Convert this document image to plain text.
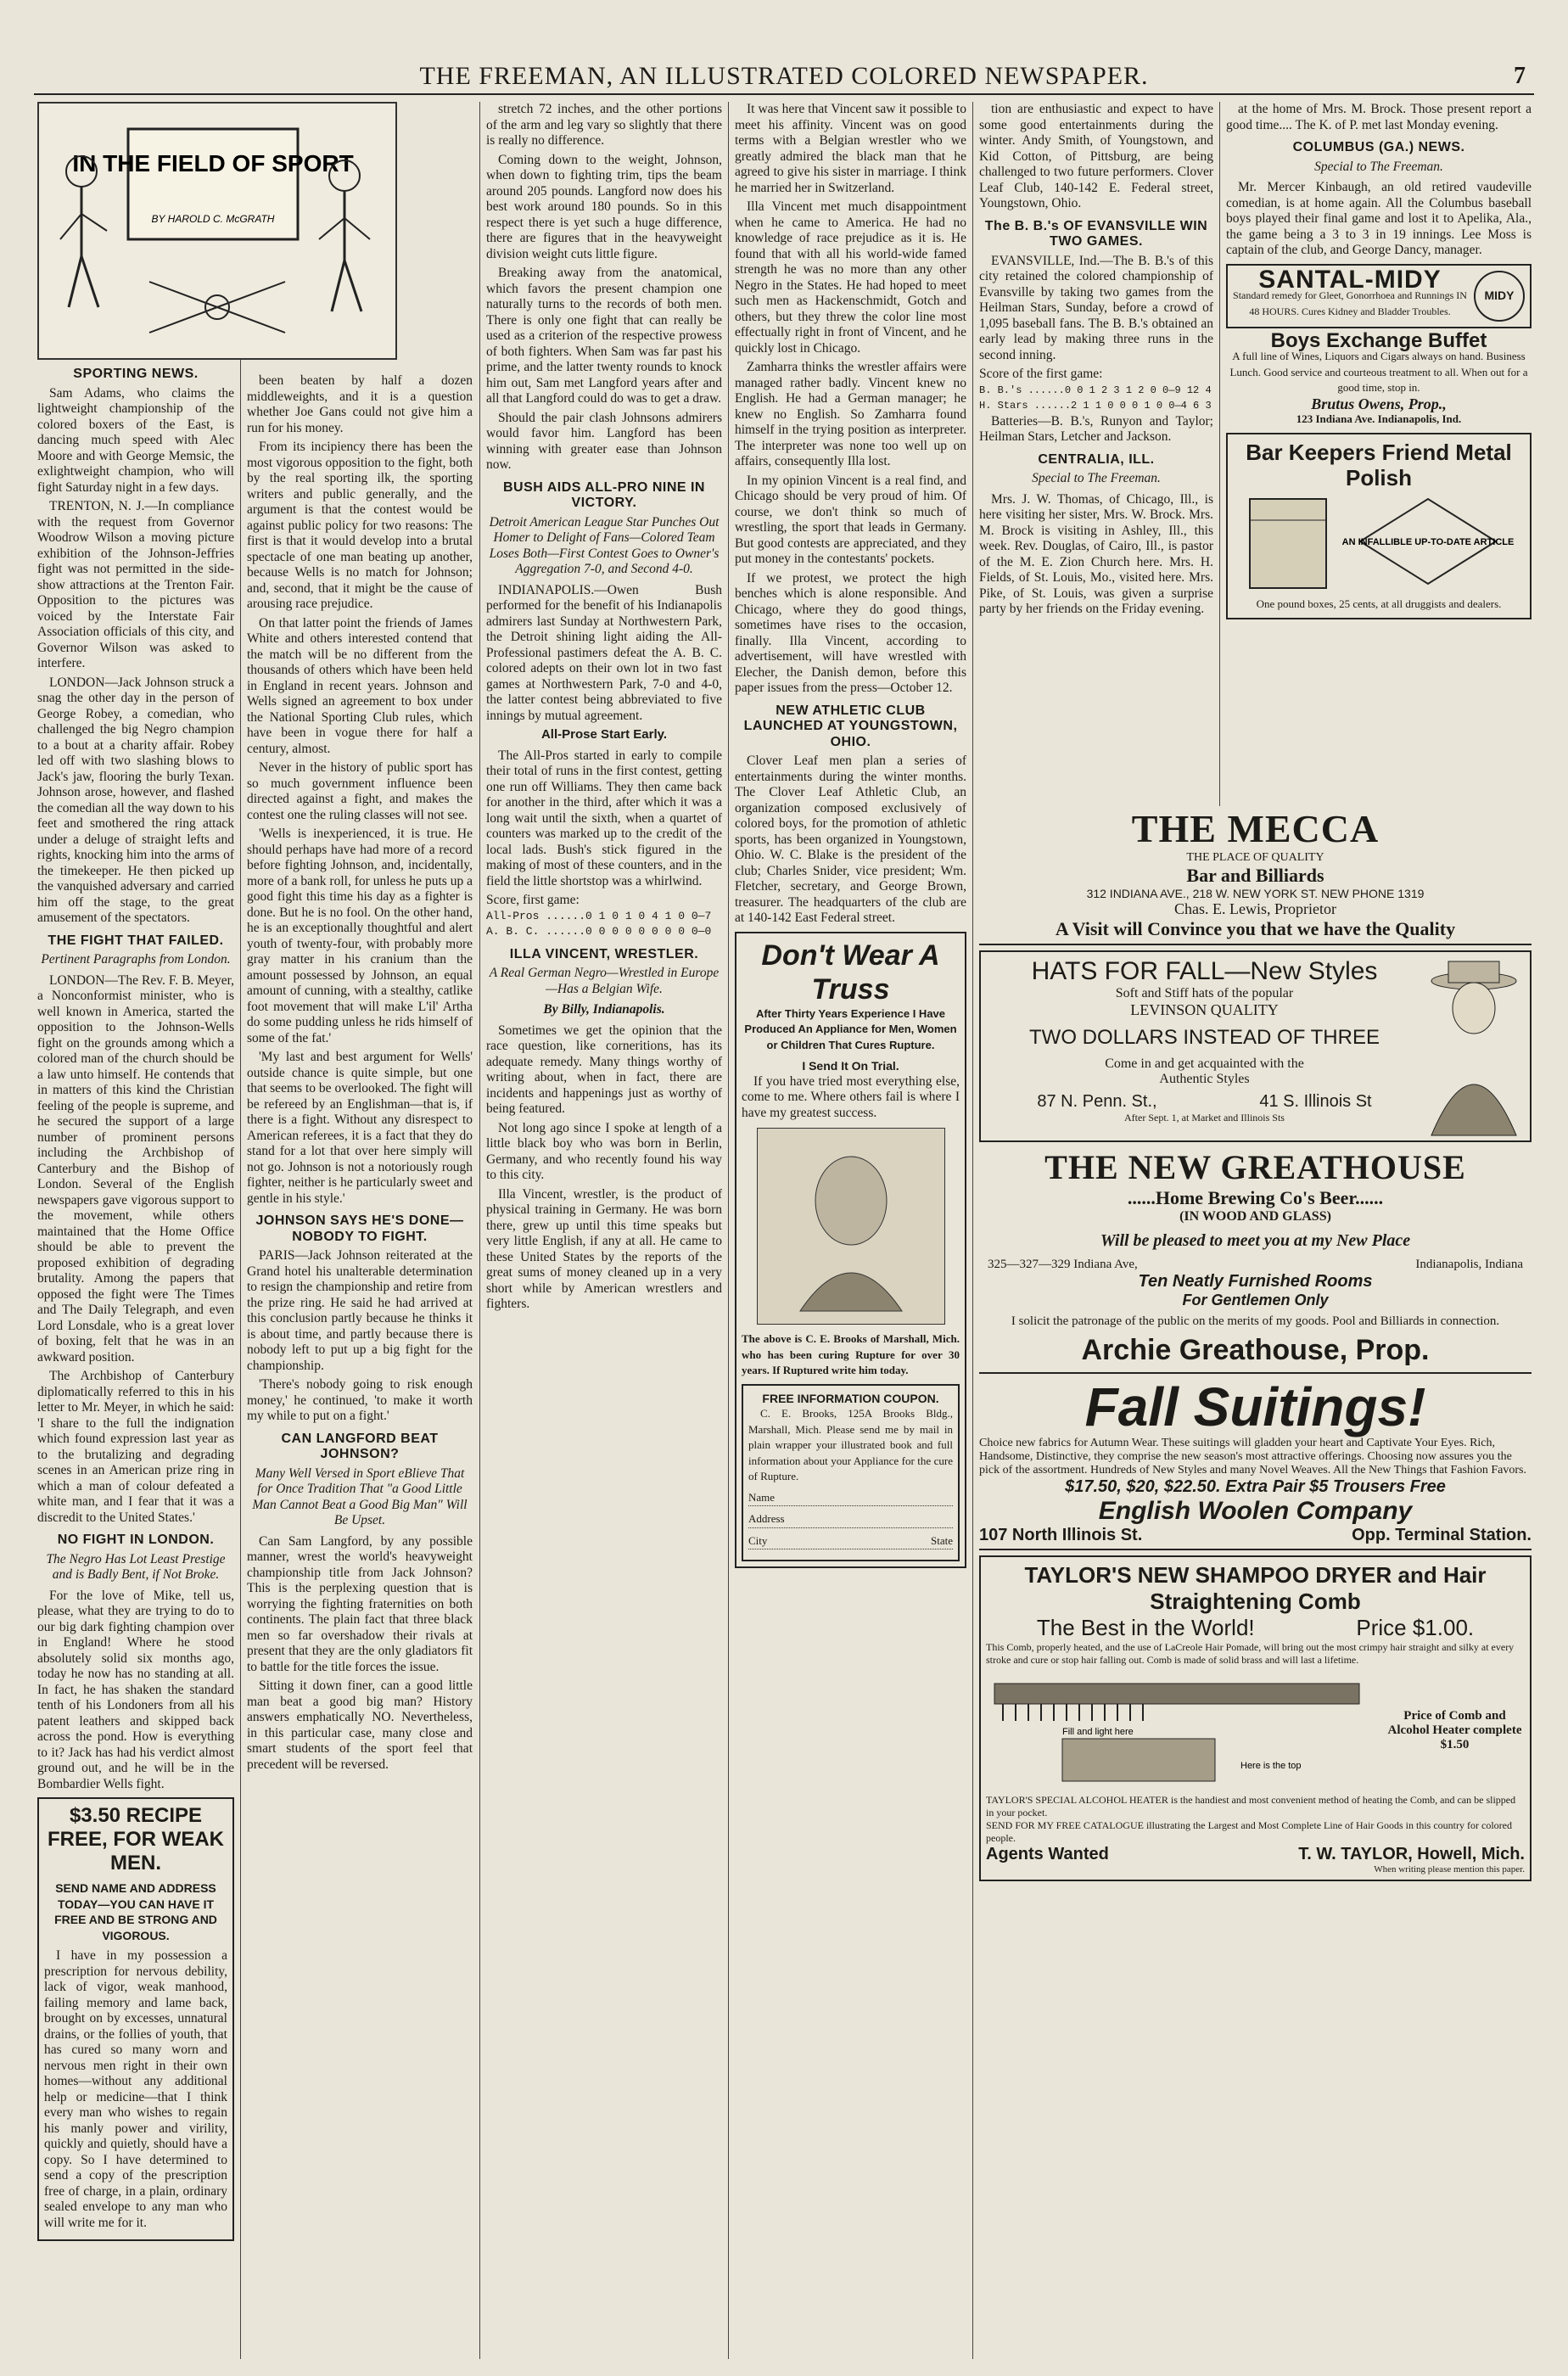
THE FREEMAN, AN ILLUSTRATED COLORED NEWSPAPER.	7
IN THE FIELD OF SPORT
BY HAROLD C. McGRATH
SPORTING NEWS.

Sam Adams, who claims the lightweight championship of the colored boxers of the East, is dancing much speed with Alec Moore and with George Memsic, the exlightweight champion, who will fight Saturday night in a few days.

TRENTON, N. J.—In compliance with the request from Governor Woodrow Wilson a moving picture exhibition of the Johnson-Jeffries fight was not permitted in the side-show attractions at the Trenton Fair. Opposition to the pictures was voiced by the Interstate Fair Association officials of this city, and Governor Wilson was asked to interfere.

LONDON—Jack Johnson struck a snag the other day in the person of George Robey, a comedian, who challenged the big Negro champion to a bout at a charity affair. Robey led off with two slashing blows to Jack's jaw, flooring the burly Texan. Johnson arose, however, and flashed the comedian all the way down to his feet and smothered the ring attack under a deluge of straight lefts and rights, knocking him into the arms of the timekeeper. He then picked up the vanquished adversary and carried him off the stage, to the great amusement of the spectators.

THE FIGHT THAT FAILED.
Pertinent Paragraphs from London.

LONDON—The Rev. F. B. Meyer, a Nonconformist minister, who is well known in America, started the opposition to the Johnson-Wells fight on the grounds among which a colored man of the church should be a law unto himself. He contends that in matters of this kind the Christian feeling of the people is supreme, and he secured the support of a large number of prominent persons including the Archbishop of Canterbury and the Bishop of London. Several of the English newspapers gave vigorous support to the movement, while others maintained that the Home Office should be able to prevent the proposed exhibition of degrading brutality. Among the papers that opposed the fight were The Times and The Daily Telegraph, and even Lord Lonsdale, who is a great lover of boxing, felt that he was in an awkward position.

The Archbishop of Canterbury diplomatically referred to this in his letter to Mr. Meyer, in which he said: 'I share to the full the indignation which found expression last year as to the brutalizing and degrading scenes in an American prize ring in which a man of colour defeated a white man, and I fear that it was a discredit to the United States.'

NO FIGHT IN LONDON.
The Negro Has Lot Least Prestige and is Badly Bent, if Not Broke.

For the love of Mike, tell us, please, what they are trying to do to our big dark fighting champion over in England! Where he stood absolutely solid six months ago, today he now has no standing at all. In fact, he has shaken the standard tenth of his Londoners from all his patent leathers and skipped back across the pond. How is everything to it? Jack has had his verdict almost ground out, and he will be in the Bombardier Wells fight.

$3.50 RECIPE FREE, FOR WEAK MEN.
SEND NAME AND ADDRESS TODAY—YOU CAN HAVE IT FREE AND BE STRONG AND VIGOROUS.

I have in my possession a prescription for nervous debility, lack of vigor, weak manhood, failing memory and lame back, brought on by excesses, unnatural drains, or the follies of youth, that has cured so many worn and nervous men right in their own homes—without any additional help or medicine—that I think every man who wishes to regain his manly power and virility, quickly and quietly, should have a copy. So I have determined to send a copy of the prescription free of charge, in a plain, ordinary sealed envelope to any man who will write me for it.

been beaten by half a dozen middleweights, and it is a question whether Joe Gans could not give him a run for his money.

From its incipiency there has been the most vigorous opposition to the fight, both by the real sporting ilk, the sporting writers and public generally, and the argument is that the contest would be against public policy for two reasons: The first is that it would develop into a brutal spectacle of one man beating up another, because Wells is no match for Johnson; and, second, that it might be the cause of arousing race prejudice.

On that latter point the friends of James White and others interested contend that the match will be no different from the thousands of others which have been held in England in recent years. Johnson and Wells signed an agreement to box under the National Sporting Club rules, which have been in vogue there for half a century, almost.

Never in the history of public sport has so much government influence been directed against a fight, and makes the contest one the ruling classes will not see.

'Wells is inexperienced, it is true. He should perhaps have had more of a record before fighting Johnson, and, incidentally, more of a bank roll, for unless he puts up a good fight this time his day as a fighter is done. But he is no fool. On the other hand, he is an exceptionally thoughtful and alert youth of twenty-four, with probably more gray matter in his cranium than the amount possessed by Johnson, an equal amount of cunning, with a stealthy, catlike foot movement that will make L'il' Artha do some pudding unless he rids himself of some of the fat.'

'My last and best argument for Wells' outside chance is quite simple, but one that seems to be overlooked. The fight will be refereed by an Englishman—that is, if there is a fight. Without any disrespect to American referees, it is a fact that they do stand for a lot that over here simply will not go. Johnson is not a notoriously rough fighter, neither is he particularly sweet and gentle in his style.'

JOHNSON SAYS HE'S DONE—NOBODY TO FIGHT.

PARIS—Jack Johnson reiterated at the Grand hotel his unalterable determination to resign the championship and retire from the prize ring. He said he had arrived at this conclusion partly because he thinks it is about time, and partly because there is nobody left to put up a big fight for the championship.

'There's nobody going to risk enough money,' he continued, 'to make it worth my while to put on a fight.'

CAN LANGFORD BEAT JOHNSON?
Many Well Versed in Sport eBlieve That for Once Tradition That "a Good Little Man Cannot Beat a Good Big Man" Will Be Upset.

Can Sam Langford, by any possible manner, wrest the world's heavyweight championship title from Jack Johnson? This is the perplexing question that is worrying the fighting fraternities on both continents. The plain fact that three black men so far overshadow their rivals at present that they are the only gladiators fit to battle for the title forces the issue.

Sitting it down finer, can a good little man beat a good big man? History answers emphatically NO. Nevertheless, in this particular case, many close and smart students of the sport feel that precedent will be reversed.

stretch 72 inches, and the other portions of the arm and leg vary so slightly that there is really no difference.

Coming down to the weight, Johnson, when down to fighting trim, tips the beam around 205 pounds. Langford now does his best work around 180 pounds. So in this respect there is yet such a huge difference, there are figures that in the heavyweight division weight cuts little figure.

Breaking away from the anatomical, which favors the present champion one naturally turns to the records of both men. There is only one fight that can really be used as a criterion of the respective prowess of both fighters. When Sam was far past his prime, and the latter twenty rounds to knock him out, Sam met Langford years after and all that Langford could do was to get a draw.

Should the pair clash Johnsons admirers would favor him. Langford has been winning with greater ease than Johnson now.

BUSH AIDS ALL-PRO NINE IN VICTORY.
Detroit American League Star Punches Out Homer to Delight of Fans—Colored Team Loses Both—First Contest Goes to Owner's Aggregation 7-0, and Second 4-0.

INDIANAPOLIS.—Owen Bush performed for the benefit of his Indianapolis admirers last Sunday at Northwestern Park, the Detroit shining light aiding the All-Professional pastimers defeat the A. B. C. colored adepts on their own lot in two fast games at Northwestern Park, 7-0 and 4-0, the latter contest being abbreviated to five innings by mutual agreement.

All-Prose Start Early.

The All-Pros started in early to compile their total of runs in the first contest, getting one run off Williams. They then came back for another in the third, after which it was a long wait until the sixth, when a quartet of counters was marked up to the credit of the local lads. Bush's stick figured in the making of most of these counters, and in the field the little shortstop was a whirlwind.

Score, first game:
All-Pros ......0 1 0 1 0 4 1 0 0—7
A. B. C. ......0 0 0 0 0 0 0 0 0—0
ILLA VINCENT, WRESTLER.
A Real German Negro—Wrestled in Europe—Has a Belgian Wife.
By Billy, Indianapolis.

Sometimes we get the opinion that the race question, like corneritions, has its adequate remedy. Many things worthy of writing about, when in fact, there are incidents and happenings just as worthy of being featured.

Not long ago since I spoke at length of a little black boy who was born in Berlin, Germany, and who recently found his way to this city.

Illa Vincent, wrestler, is the product of physical training in Germany. He was born there, grew up until this time speaks but very little English, if any at all. He came to these United States by the reports of the great sums of money cleaned up in a very short while by American wrestlers and fighters.

It was here that Vincent saw it possible to meet his affinity. Vincent was on good terms with a Belgian wrestler who we greatly admired the black man that he agreed to give his sister in marriage. I think he married her in Switzerland.

Illa Vincent met much disappointment when he came to America. He had no knowledge of race prejudice as it is. He found that with all his world-wide famed strength he was no more than any other Negro in the States. He had hoped to meet such men as Hackenschmidt, Gotch and others, but they threw the color line most effectually right in front of Vincent, and he quickly lost in Chicago.

Zamharra thinks the wrestler affairs were managed rather badly. Vincent knew no English. He had a German manager; he knew no English. So Zamharra found himself in the trying position as interpreter. The interpreter was none too well up on affairs, consequently Illa lost.

In my opinion Vincent is a real find, and Chicago should be very proud of him. Of course, we don't think so much of wrestling, the sport that leads in Germany. But good contests are appreciated, and they put money in the contestants' pockets.

If we protest, we protect the high benches which is alone responsible. And Chicago, where they do good things, sometimes have rises to the occasion, finally. Illa Vincent, according to advertisement, will have wrestled with Elecher, the Danish demon, before this paper issues from the press—October 12.

NEW ATHLETIC CLUB LAUNCHED AT YOUNGSTOWN, OHIO.

Clover Leaf men plan a series of entertainments during the winter months. The Clover Leaf Athletic Club, an organization composed exclusively of colored boys, for the promotion of athletic sports, has been organized in Youngstown, Ohio. W. C. Blake is the president of the club; Charles Snider, vice president; Wm. Fletcher, secretary, and George Brown, treasurer. The headquarters of the club are at 140-142 East Federal street.

Don't Wear A Truss
After Thirty Years Experience I Have Produced An Appliance for Men, Women or Children That Cures Rupture.
I Send It On Trial.

If you have tried most everything else, come to me. Where others fail is where I have my greatest success.

The above is C. E. Brooks of Marshall, Mich. who has been curing Rupture for over 30 years. If Ruptured write him today.

FREE INFORMATION COUPON.

C. E. Brooks, 125A Brooks Bldg., Marshall, Mich. Please send me by mail in plain wrapper your illustrated book and full information about your Appliance for the cure of Rupture.

Name
Address
City	State

tion are enthusiastic and expect to have some good entertainments during the winter. Andy Smith, of Youngstown, and Kid Cotton, of Pittsburg, are being challenged to two future performers. Clover Leaf Club, 140-142 E. Federal street, Youngstown, Ohio.

The B. B.'s OF EVANSVILLE WIN TWO GAMES.

EVANSVILLE, Ind.—The B. B.'s of this city retained the colored championship of Evansville by taking two games from the Heilman Stars, Sunday, before a crowd of 1,095 baseball fans. The B. B.'s obtained an early lead by making three runs in the second inning.

Score of the first game:
B. B.'s ......0 0 1 2 3 1 2 0 0—9 12 4
H. Stars ......2 1 1 0 0 0 1 0 0—4 6 3

Batteries—B. B.'s, Runyon and Taylor; Heilman Stars, Letcher and Jackson.

CENTRALIA, ILL.
Special to The Freeman.

Mrs. J. W. Thomas, of Chicago, Ill., is here visiting her sister, Mrs. W. Brock. Mrs. M. Brock is visiting in Ashley, Ill., this week. Rev. Douglas, of Cairo, Ill., is pastor of the M. E. Zion Church here. Mrs. H. Fields, of St. Louis, Mo., visited here. Mrs. Pike, of St. Louis, was given a surprise party by her friends on the Friday evening.

at the home of Mrs. M. Brock. Those present report a good time.... The K. of P. met last Monday evening.

COLUMBUS (GA.) NEWS.
Special to The Freeman.

Mr. Mercer Kinbaugh, an old retired vaudeville comedian, is at home again. All the Columbus baseball boys played their final game and lost it to Apelika, Ala., the game being a 3 to 3 in 19 innings. Lee Moss is captain of the club, and George Dancy, manager.

SANTAL-MIDY
Standard remedy for Gleet, Gonorrhoea and Runnings IN 48 HOURS. Cures Kidney and Bladder Troubles.
MIDY
Boys Exchange Buffet
A full line of Wines, Liquors and Cigars always on hand. Business Lunch. Good service and courteous treatment to all. When out for a good time, stop in.
Brutus Owens, Prop.,
123 Indiana Ave. Indianapolis, Ind.
Bar Keepers Friend Metal Polish
AN INFALLIBLE UP-TO-DATE ARTICLE
One pound boxes, 25 cents, at all druggists and dealers.
THE MECCA
THE PLACE OF QUALITY
Bar and Billiards
312 INDIANA AVE., 218 W. NEW YORK ST. NEW PHONE 1319
Chas. E. Lewis, Proprietor
A Visit will Convince you that we have the Quality
HATS FOR FALL—New Styles
Soft and Stiff hats of the popular
LEVINSON QUALITY
TWO DOLLARS INSTEAD OF THREE
Come in and get acquainted with the
Authentic Styles
87 N. Penn. St.,	41 S. Illinois St
After Sept. 1, at Market and Illinois Sts
THE NEW GREATHOUSE
......Home Brewing Co's Beer......
(IN WOOD AND GLASS)
Will be pleased to meet you at my New Place
325—327—329 Indiana Ave,	Indianapolis, Indiana
Ten Neatly Furnished Rooms
For Gentlemen Only
I solicit the patronage of the public on the merits of my goods. Pool and Billiards in connection.
Archie Greathouse, Prop.
Fall Suitings!
Choice new fabrics for Autumn Wear. These suitings will gladden your heart and Captivate Your Eyes. Rich, Handsome, Distinctive, they comprise the new season's most attractive offerings. Choosing now assures you the pick of the assortment. Hundreds of New Styles and many Novel Weaves. All the New Things that Fashion Favors.
$17.50, $20, $22.50. Extra Pair $5 Trousers Free
English Woolen Company
107 North Illinois St.	Opp. Terminal Station.
TAYLOR'S NEW SHAMPOO DRYER and Hair Straightening Comb
The Best in the World!	Price $1.00.
This Comb, properly heated, and the use of LaCreole Hair Pomade, will bring out the most crimpy hair straight and silky at every stroke and cure or stop hair falling out. Comb is made of solid brass and will last a lifetime.
Fill and light here
Here is the top
Price of Comb and Alcohol Heater complete $1.50
TAYLOR'S SPECIAL ALCOHOL HEATER is the handiest and most convenient method of heating the Comb, and can be slipped in your pocket.
SEND FOR MY FREE CATALOGUE illustrating the Largest and Most Complete Line of Hair Goods in this country for colored people.
Agents Wanted	T. W. TAYLOR, Howell, Mich.
When writing please mention this paper.
